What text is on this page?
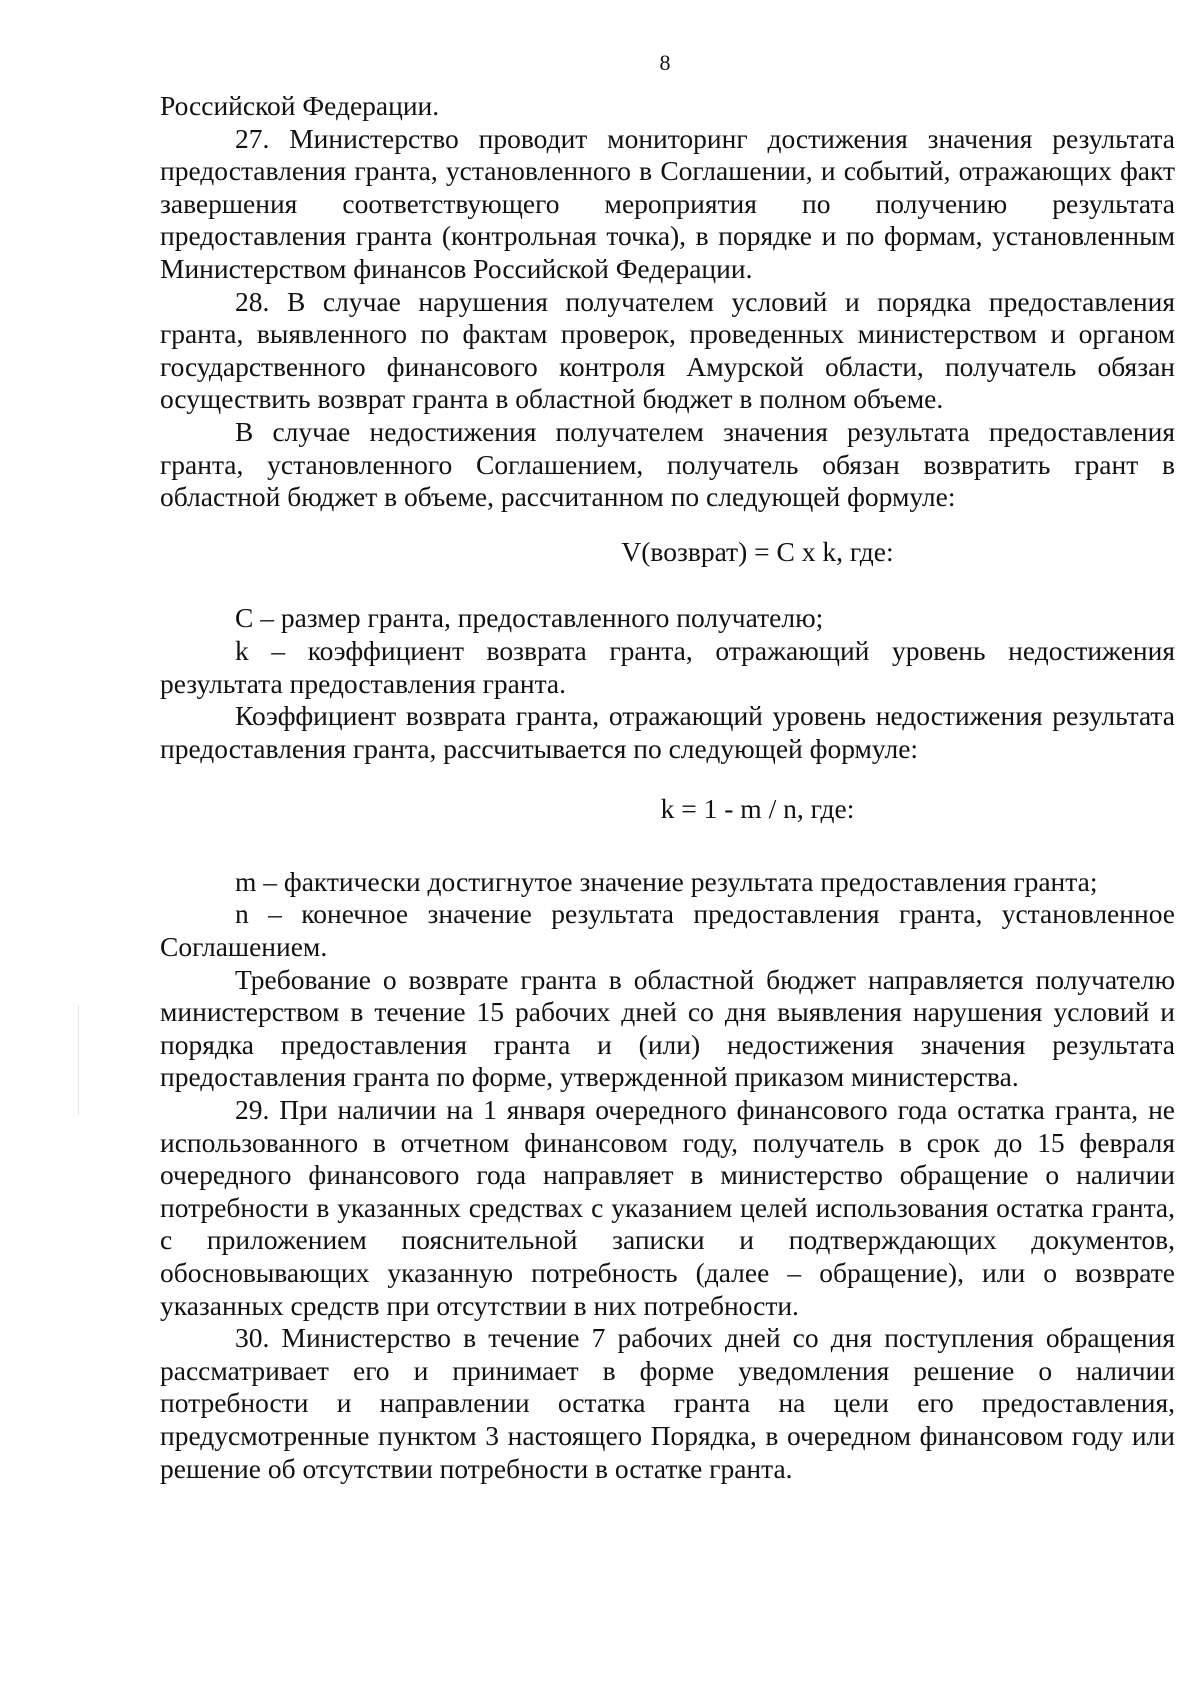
8

Российской Федерации.

27. Министерство проводит мониторинг достижения значения результата предоставления гранта, установленного в Соглашении, и событий, отражающих факт завершения соответствующего мероприятия по получению результата предоставления гранта (контрольная точка), в порядке и по формам, установленным Министерством финансов Российской Федерации.

28. В случае нарушения получателем условий и порядка предоставления гранта, выявленного по фактам проверок, проведенных министерством и органом государственного финансового контроля Амурской области, получатель обязан осуществить возврат гранта в областной бюджет в полном объеме.

В случае недостижения получателем значения результата предоставления гранта, установленного Соглашением, получатель обязан возвратить грант в областной бюджет в объеме, рассчитанном по следующей формуле:

V(возврат) = C x k, где:

C – размер гранта, предоставленного получателю;

k – коэффициент возврата гранта, отражающий уровень недостижения результата предоставления гранта.

Коэффициент возврата гранта, отражающий уровень недостижения результата предоставления гранта, рассчитывается по следующей формуле:

k = 1 - m / n, где:

m – фактически достигнутое значение результата предоставления гранта;

n – конечное значение результата предоставления гранта, установленное Соглашением.

Требование о возврате гранта в областной бюджет направляется получателю министерством в течение 15 рабочих дней со дня выявления нарушения условий и порядка предоставления гранта и (или) недостижения значения результата предоставления гранта по форме, утвержденной приказом министерства.

29. При наличии на 1 января очередного финансового года остатка гранта, не использованного в отчетном финансовом году, получатель в срок до 15 февраля очередного финансового года направляет в министерство обращение о наличии потребности в указанных средствах с указанием целей использования остатка гранта, с приложением пояснительной записки и подтверждающих документов, обосновывающих указанную потребность (далее – обращение), или о возврате указанных средств при отсутствии в них потребности.

30. Министерство в течение 7 рабочих дней со дня поступления обращения рассматривает его и принимает в форме уведомления решение о наличии потребности и направлении остатка гранта на цели его предоставления, предусмотренные пунктом 3 настоящего Порядка, в очередном финансовом году или решение об отсутствии потребности в остатке гранта.
